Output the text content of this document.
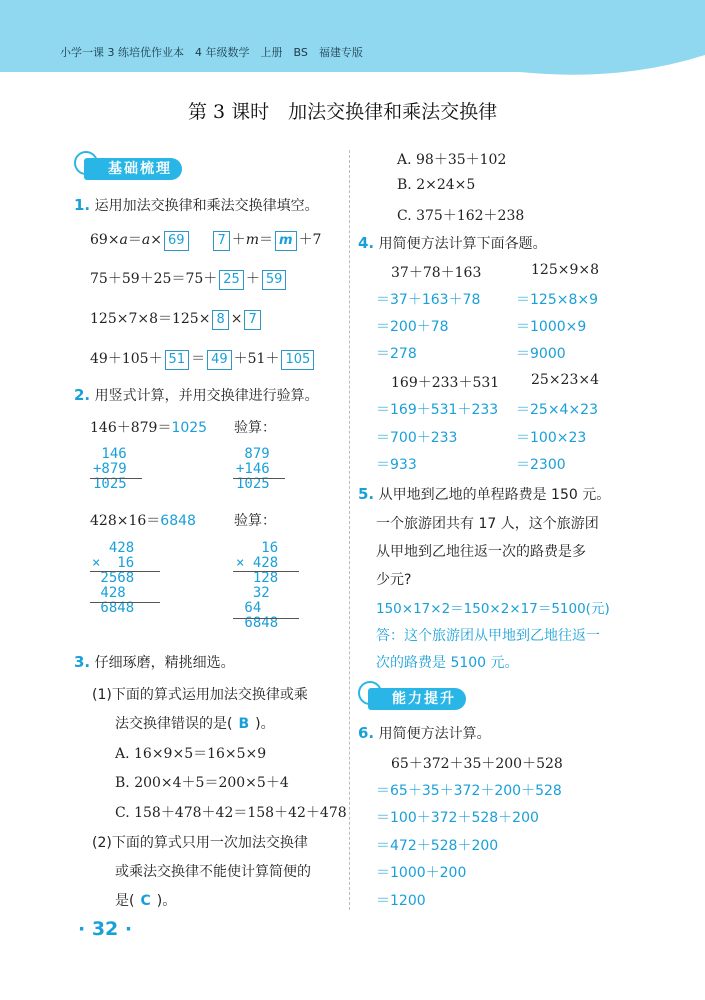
小学一课 3 练培优作业本　4 年级数学　上册　BS　福建专版
第 3 课时　加法交换律和乘法交换律
基础梳理
1. 运用加法交换律和乘法交换律填空。
69×a＝a× 69	7 ＋m＝ m ＋7
75＋59＋25＝75＋ 25 ＋ 59
125×7×8＝125× 8 × 7
49＋105＋ 51 ＝ 49 ＋51＋ 105
2. 用竖式计算，并用交换律进行验算。
146＋879＝1025 验算：
146
+879
1025
879
+146
1025
428×16＝6848	验算：
428
×  16
2568
428
6848
16
× 428
128
32
64
6848
3. 仔细琢磨，精挑细选。
(1)下面的算式运用加法交换律或乘
法交换律错误的是( B )。
A. 16×9×5＝16×5×9
B. 200×4＋5＝200×5＋4
C. 158＋478＋42＝158＋42＋478
(2)下面的算式只用一次加法交换律
或乘法交换律不能使计算简便的
是( C )。
· 32 ·
A. 98＋35＋102
B. 2×24×5
C. 375＋162＋238
4. 用简便方法计算下面各题。
37＋78＋163
＝37＋163＋78
＝200＋78
＝278
125×9×8
＝125×8×9
＝1000×9
＝9000
169＋233＋531
＝169＋531＋233
＝700＋233
＝933
25×23×4
＝25×4×23
＝100×23
＝2300
5. 从甲地到乙地的单程路费是 150 元。
一个旅游团共有 17 人，这个旅游团
从甲地到乙地往返一次的路费是多
少元?
150×17×2＝150×2×17＝5100(元)
答：这个旅游团从甲地到乙地往返一
次的路费是 5100 元。
能力提升
6. 用简便方法计算。
65＋372＋35＋200＋528
＝65＋35＋372＋200＋528
＝100＋372＋528＋200
＝472＋528＋200
＝1000＋200
＝1200
